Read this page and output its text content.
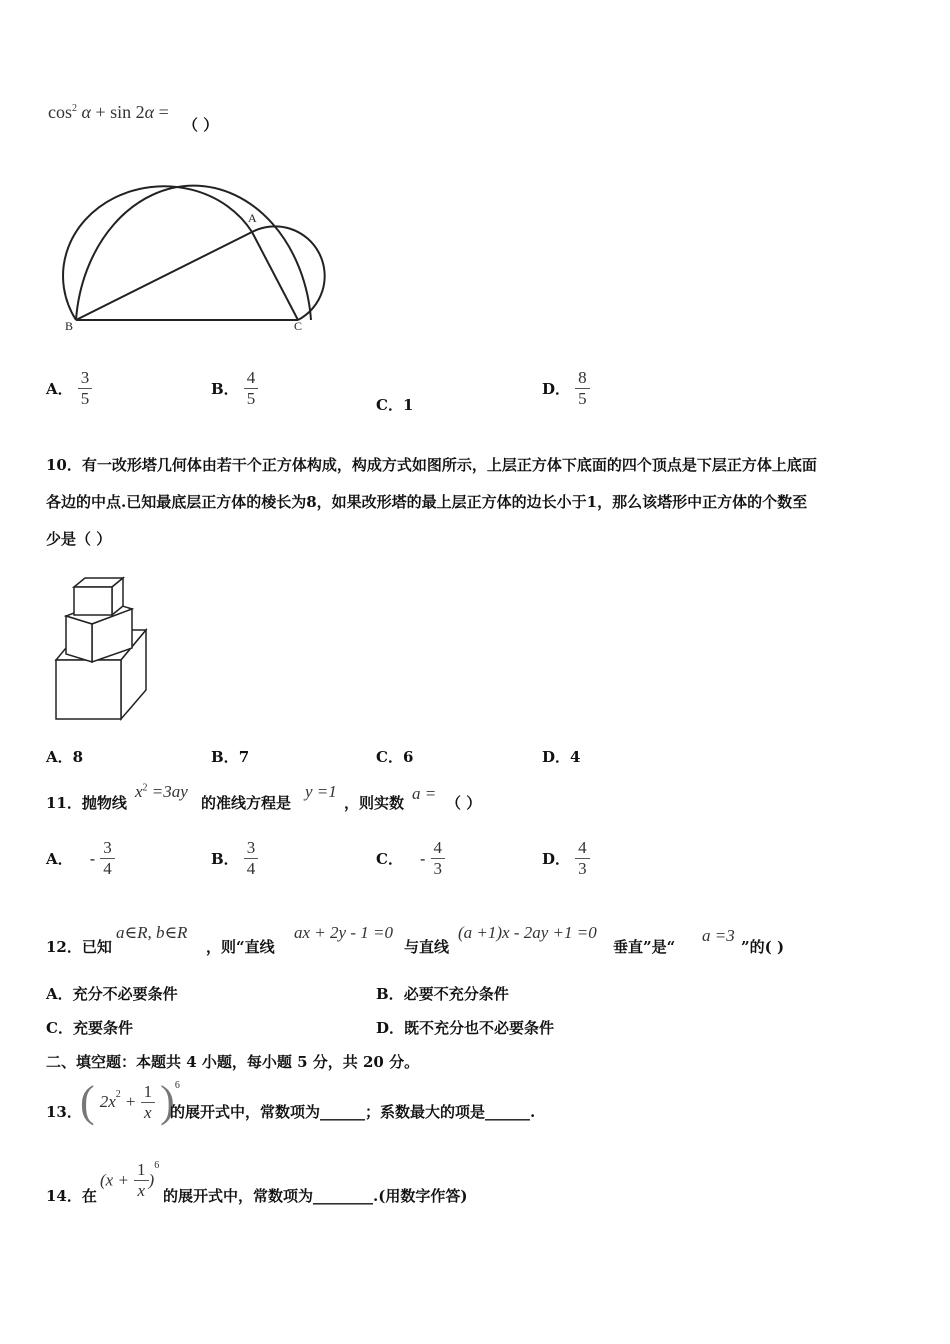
$\cos^2 \alpha + \sin 2\alpha$ =
（ ）
A
B	C
A． $\frac{3}{5}$	B． $\frac{4}{5}$	C．1
D． $\frac{8}{5}$
10．有一改形塔几何体由若干个正方体构成，构成方式如图所示，上层正方体下底面的四个顶点是下层正方体上底面
各边的中点.已知最底层正方体的棱长为8，如果改形塔的最上层正方体的边长小于1，那么该塔形中正方体的个数至
少是（ ）
A．8	B．7	C．6	D．4
11．抛物线
$x^2 =3ay$
的准线方程是
y =1
，则实数 a = （ ）
A． - $\frac{3}{4}$	B． $\frac{3}{4}$	C． - $\frac{4}{3}$	D． $\frac{4}{3}$
12．已知
a∈R, b∈R
，则“直线
ax + 2y - 1 =0
与直线
(a +1)x - 2ay +1 =0
垂直”是“
a =3
”的( )
A．充分不必要条件	B．必要不充分条件
C．充要条件	D．既不充分也不必要条件
二、填空题：本题共 4 小题，每小题 5 分，共 20 分。
13．
( $2x^2 + \frac{1}{x} )^6$
的展开式中，常数项为______；系数最大的项是______.
14．在
$(x + \frac{1}{x} )^6$
的展开式中，常数项为________.(用数字作答)
